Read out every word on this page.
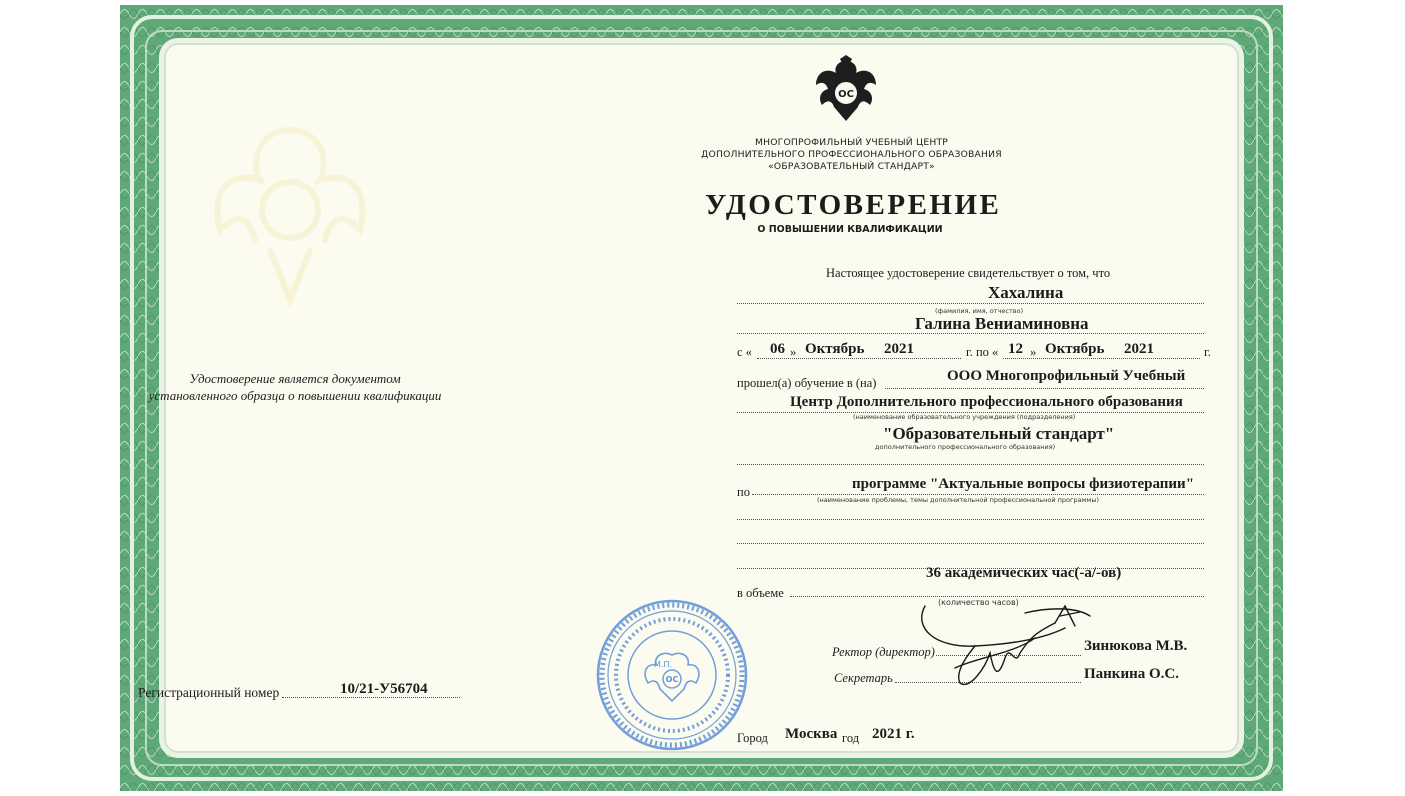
Удостоверение является документом
установленного образца о повышении квалификации
Регистрационный номер	10/21-У56704
ОС
МНОГОПРОФИЛЬНЫЙ УЧЕБНЫЙ ЦЕНТР
ДОПОЛНИТЕЛЬНОГО ПРОФЕССИОНАЛЬНОГО ОБРАЗОВАНИЯ
«ОБРАЗОВАТЕЛЬНЫЙ СТАНДАРТ»
УДОСТОВЕРЕНИЕ
О ПОВЫШЕНИИ КВАЛИФИКАЦИИ
Настоящее удостоверение свидетельствует о том, что
Хахалина
(фамилия, имя, отчество)
Галина Вениаминовна
с « 06 » Октябрь 2021	г. по « 12 » Октябрь 2021	г.
прошел(а) обучение в (на)	ООО Многопрофильный Учебный
Центр Дополнительного профессионального образования
(наименование образовательного учреждения (подразделения)
"Образовательный стандарт"
дополнительного профессионального образования)
по	программе "Актуальные вопросы физиотерапии"
(наименование проблемы, темы дополнительной профессиональной программы)
36 академических час(-а/-ов)
в объеме
(количество часов)
Ректор (директор)	Зинюкова М.В.
Секретарь	Панкина О.С.
Город Москва год 2021 г.
М.П.
ОС
